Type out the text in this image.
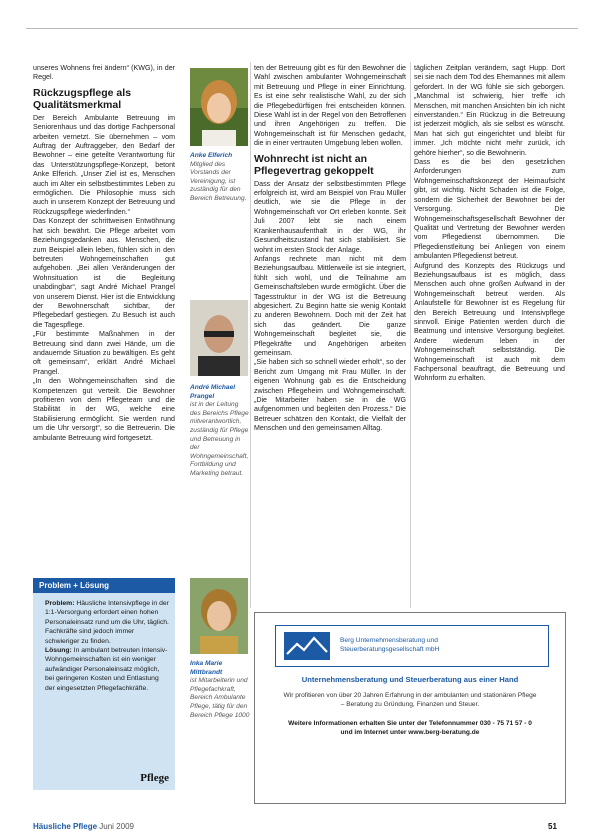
unseres Wohnens frei ändern“ (KWG), in der Regel.

Rückzugspflege als Qualitätsmerkmal

Der Bereich Ambulante Betreuung im Seniorenhaus und das dortige Fachpersonal arbeiten vernetzt. Sie übernehmen – vom Auftrag der Auftraggeber, den Bedarf der Bewohner – eine geteilte Verantwortung für das Unterstützungspflege-Konzept, betont Anke Elferich. „Unser Ziel ist es, Menschen auch im Alter ein selbstbestimmtes Leben zu ermöglichen. Die Philosophie muss sich auch in unserem Konzept der Betreuung und Rückzugspflege wiederfinden.“

Das Konzept der schrittweisen Entwöhnung hat sich bewährt. Die Pflege arbeitet vom Beziehungsgedanken aus. Menschen, die zum Beispiel allein leben, fühlen sich in den betreuten Wohngemeinschaften gut aufgehoben. „Bei allen Veränderungen der Wohnsituation ist die Begleitung unabdingbar“, sagt André Michael Prangel von unserem Dienst. Hier ist die Entwicklung der Bewohnerschaft sichtbar, der Pflegebedarf gestiegen. Zu Besuch ist auch die Tagespflege.

„Für bestimmte Maßnahmen in der Betreuung sind dann zwei Hände, um die andauernde Situation zu bewältigen. Es geht oft gemeinsam“, erklärt André Michael Prangel.

„In den Wohngemeinschaften sind die Kompetenzen gut verteilt. Die Bewohner profitieren von dem Pflegeteam und die Stabilität in der WG, welche eine Stabilisierung ermöglicht. Sie werden rund um die Uhr versorgt“, so die Betreuerin. Die ambulante Betreuung wird fortgesetzt.

Anke Elferich
Mitglied des Vorstands der Vereinigung, ist zuständig für den Bereich Betreuung.
André Michael Prangel
ist in der Leitung des Bereichs Pflege mitverantwortlich, zuständig für Pflege und Betreuung in der Wohngemeinschaft, Fortbildung und Marketing betraut.
Inka Marie Mittbrandt
ist Mitarbeiterin und Pflegefachkraft, Bereich Ambulante Pflege, tätig für den Bereich Pflege 1000

ten der Betreuung gibt es für den Bewohner die Wahl zwischen ambulanter Wohngemeinschaft mit Betreuung und Pflege in einer Einrichtung. Es ist eine sehr realistische Wahl, zu der sich die Pflegebedürftigen frei entscheiden können. Diese Wahl ist in der Regel von den Betroffenen und ihren Angehörigen zu treffen. Die Wohngemeinschaft ist für Menschen gedacht, die in einer vertrauten Umgebung leben wollen.

Wohnrecht ist nicht an Pflegevertrag gekoppelt

Dass der Ansatz der selbstbestimmten Pflege erfolgreich ist, wird am Beispiel von Frau Müller deutlich, wie sie die Pflege in der Wohngemeinschaft vor Ort erleben konnte. Seit Juli 2007 lebt sie nach einem Krankenhausaufenthalt in der WG, ihr Gesundheitszustand hat sich stabilisiert. Sie wohnt im ersten Stock der Anlage.

Anfangs rechnete man nicht mit dem Beziehungsaufbau. Mittlerweile ist sie integriert, fühlt sich wohl, und die Teilnahme am Gemeinschaftsleben wurde ermöglicht. Über die Tagesstruktur in der WG ist die Betreuung abgesichert. Zu Beginn hatte sie wenig Kontakt zu anderen Bewohnern. Doch mit der Zeit hat sich das geändert. Die ganze Wohngemeinschaft begleitet sie, die Pflegekräfte und Angehörigen arbeiten gemeinsam.

„Sie haben sich so schnell wieder erholt“, so der Bericht zum Umgang mit Frau Müller. In der eigenen Wohnung gab es die Entscheidung zwischen Pflegeheim und Wohngemeinschaft. „Die Mitarbeiter haben sie in die WG aufgenommen und begleiten den Prozess.“ Die Betreuer schätzen den Kontakt, die Vielfalt der Menschen und den gemeinsamen Alltag.

täglichen Zeitplan verändern, sagt Hupp. Dort sei sie nach dem Tod des Ehemannes mit allem gefordert. In der WG fühle sie sich geborgen. „Manchmal ist schwierig, hier treffe ich Menschen, mit manchen Ansichten bin ich nicht einverstanden.“ Ein Rückzug in die Betreuung ist jederzeit möglich, als sie selbst es wünscht. Man hat sich gut eingerichtet und bleibt für immer. „Ich möchte nicht mehr zurück, ich gehöre hierher“, so die Bewohnerin.

Dass es die bei den gesetzlichen Anforderungen zum Wohngemeinschaftskonzept der Heimaufsicht gibt, ist wichtig. Nicht Schaden ist die Folge, sondern die Sicherheit der Bewohner bei der Versorgung. Die Wohngemeinschaftsgesellschaft Bewohner der Qualität und Vertretung der Bewohner werden vom Pflegedienst übernommen. Die Pflegedienstleitung bei Anliegen von einem ambulanten Pflegedienst betreut.

Aufgrund des Konzepts des Rückzugs und Beziehungsaufbaus ist es möglich, dass Menschen auch ohne großen Aufwand in der Wohngemeinschaft betreut werden. Als Anlaufstelle für Bewohner ist es Regelung für den Bereich Betreuung und Intensivpflege sinnvoll. Einige Patienten werden durch die Beatmung und intensive Versorgung begleitet. Andere wiederum leben in der Wohngemeinschaft selbstständig. Die Wohngemeinschaft ist auch mit dem Fachpersonal beauftragt, die Betreuung und Wohnform zu erhalten.

Problem + Lösung
Problem: Häusliche Intensivpflege in der 1:1-Versorgung erfordert einen hohen Personaleinsatz rund um die Uhr, täglich. Fachkräfte sind jedoch immer schwieriger zu finden.
Lösung: In ambulant betreuten Intensiv-Wohngemeinschaften ist ein weniger aufwändiger Personaleinsatz möglich, bei geringeren Kosten und Entlastung der eingesetzten Pflegefachkräfte.
Pflege
Berg Unternehmensberatung und
Steuerberatungsgesellschaft mbH
Unternehmensberatung und Steuerberatung aus einer Hand
Wir profitieren von über 20 Jahren Erfahrung in der ambulanten und stationären Pflege – Beratung zu Gründung, Finanzen und Steuer.
Weitere Informationen erhalten Sie unter der Telefonnummer 030 - 75 71 57 - 0 und im Internet unter www.berg-beratung.de
Häusliche Pflege Juni 2009	51
